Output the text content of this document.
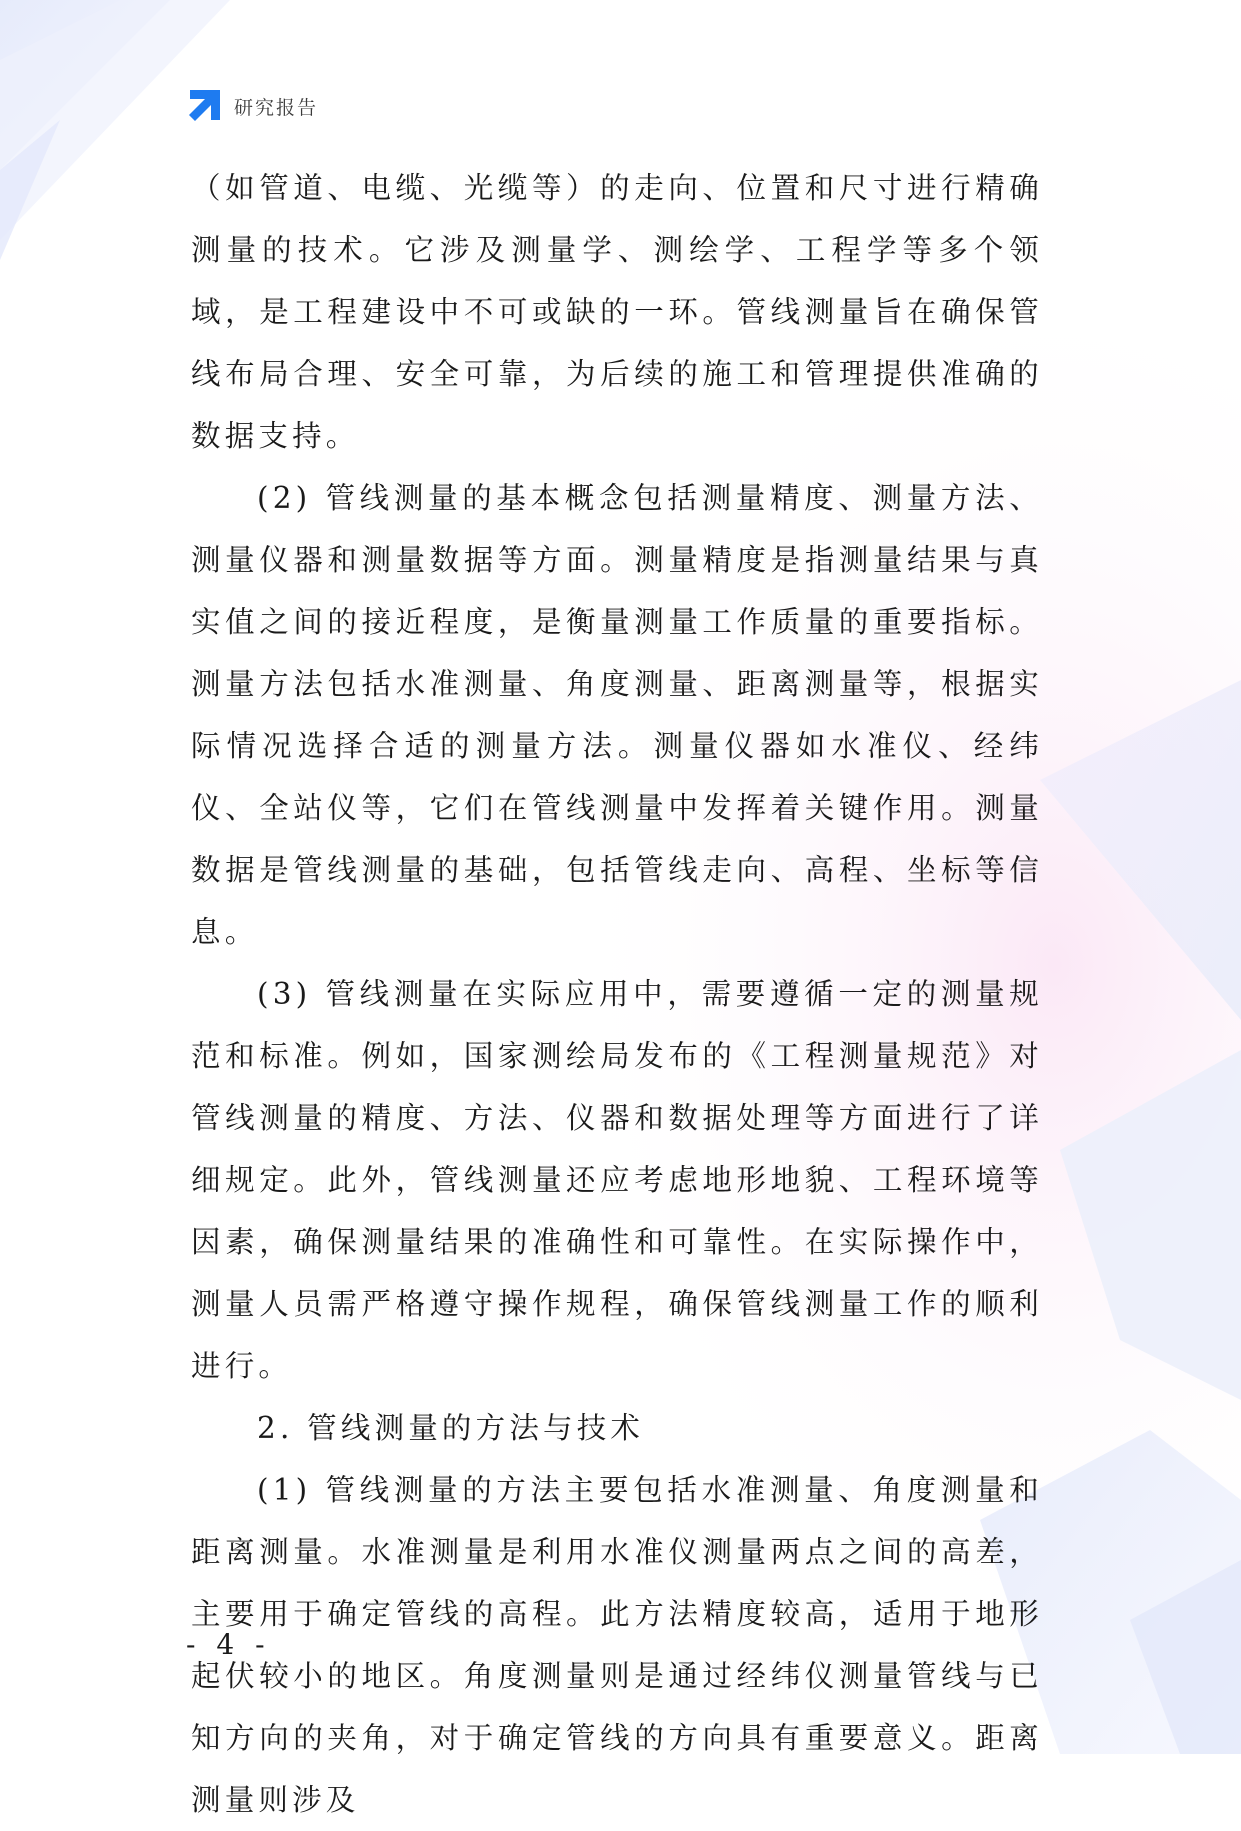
研究报告

（如管道、电缆、光缆等）的走向、位置和尺寸进行精确测量的技术。它涉及测量学、测绘学、工程学等多个领域，是工程建设中不可或缺的一环。管线测量旨在确保管线布局合理、安全可靠，为后续的施工和管理提供准确的数据支持。

(2) 管线测量的基本概念包括测量精度、测量方法、测量仪器和测量数据等方面。测量精度是指测量结果与真实值之间的接近程度，是衡量测量工作质量的重要指标。测量方法包括水准测量、角度测量、距离测量等，根据实际情况选择合适的测量方法。测量仪器如水准仪、经纬仪、全站仪等，它们在管线测量中发挥着关键作用。测量数据是管线测量的基础，包括管线走向、高程、坐标等信息。

(3) 管线测量在实际应用中，需要遵循一定的测量规范和标准。例如，国家测绘局发布的《工程测量规范》对管线测量的精度、方法、仪器和数据处理等方面进行了详细规定。此外，管线测量还应考虑地形地貌、工程环境等因素，确保测量结果的准确性和可靠性。在实际操作中，测量人员需严格遵守操作规程，确保管线测量工作的顺利进行。

2. 管线测量的方法与技术

(1) 管线测量的方法主要包括水准测量、角度测量和距离测量。水准测量是利用水准仪测量两点之间的高差，主要用于确定管线的高程。此方法精度较高，适用于地形起伏较小的地区。角度测量则是通过经纬仪测量管线与已知方向的夹角，对于确定管线的方向具有重要意义。距离测量则涉及

- 4 -
